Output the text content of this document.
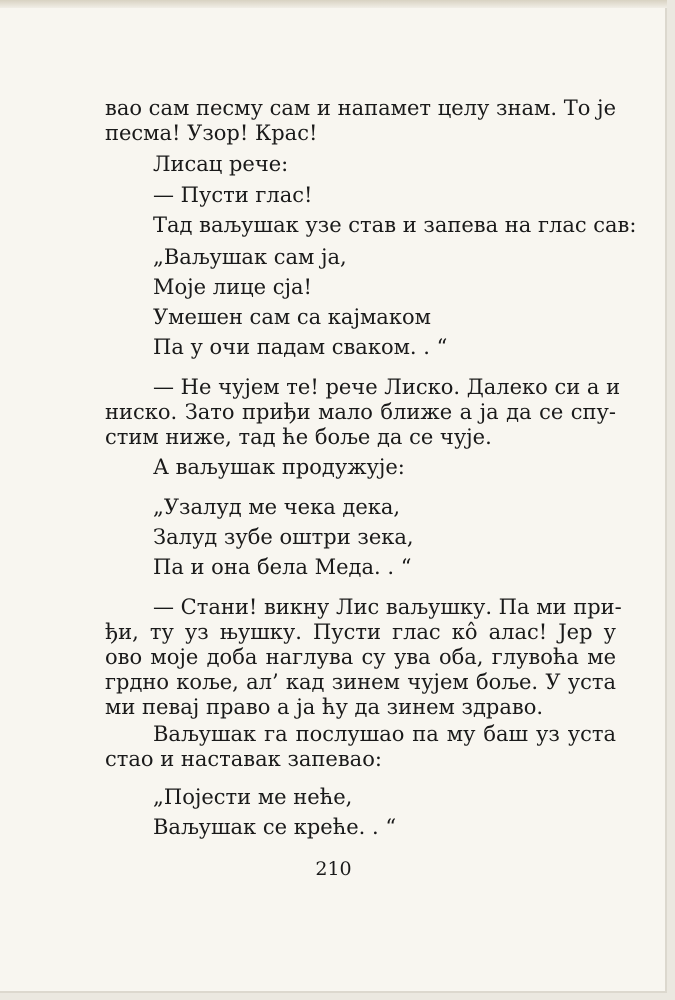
вао сам песму сам и напамет целу знам. То је

песма! Узор! Крас!

Лисац рече:

— Пусти глас!

Тад ваљушак узе став и запева на глас сав:

„Ваљушак сам ја,

Моје лице сја!

Умешен сам са кајмаком

Па у очи падам сваком. . “

— Не чујем те! рече Лиско. Далеко си а и

ниско. Зато приђи мало ближе а ја да се спу-

стим ниже, тад ће боље да се чује.

А ваљушак продужује:

„Узалуд ме чека дека,

Залуд зубе оштри зека,

Па и она бела Меда. . “

— Стани! викну Лис ваљушку. Па ми при-

ђи, ту уз њушку. Пусти глас кô алас! Јер у

ово моје доба наглува су ува оба, глувоћа ме

грдно коље, ал’ кад зинем чујем боље. У уста

ми певај право а ја ћу да зинем здраво.

Ваљушак га послушао па му баш уз уста

стао и наставак запевао:

„Појести ме неће,

Ваљушак се креће. . “

210
